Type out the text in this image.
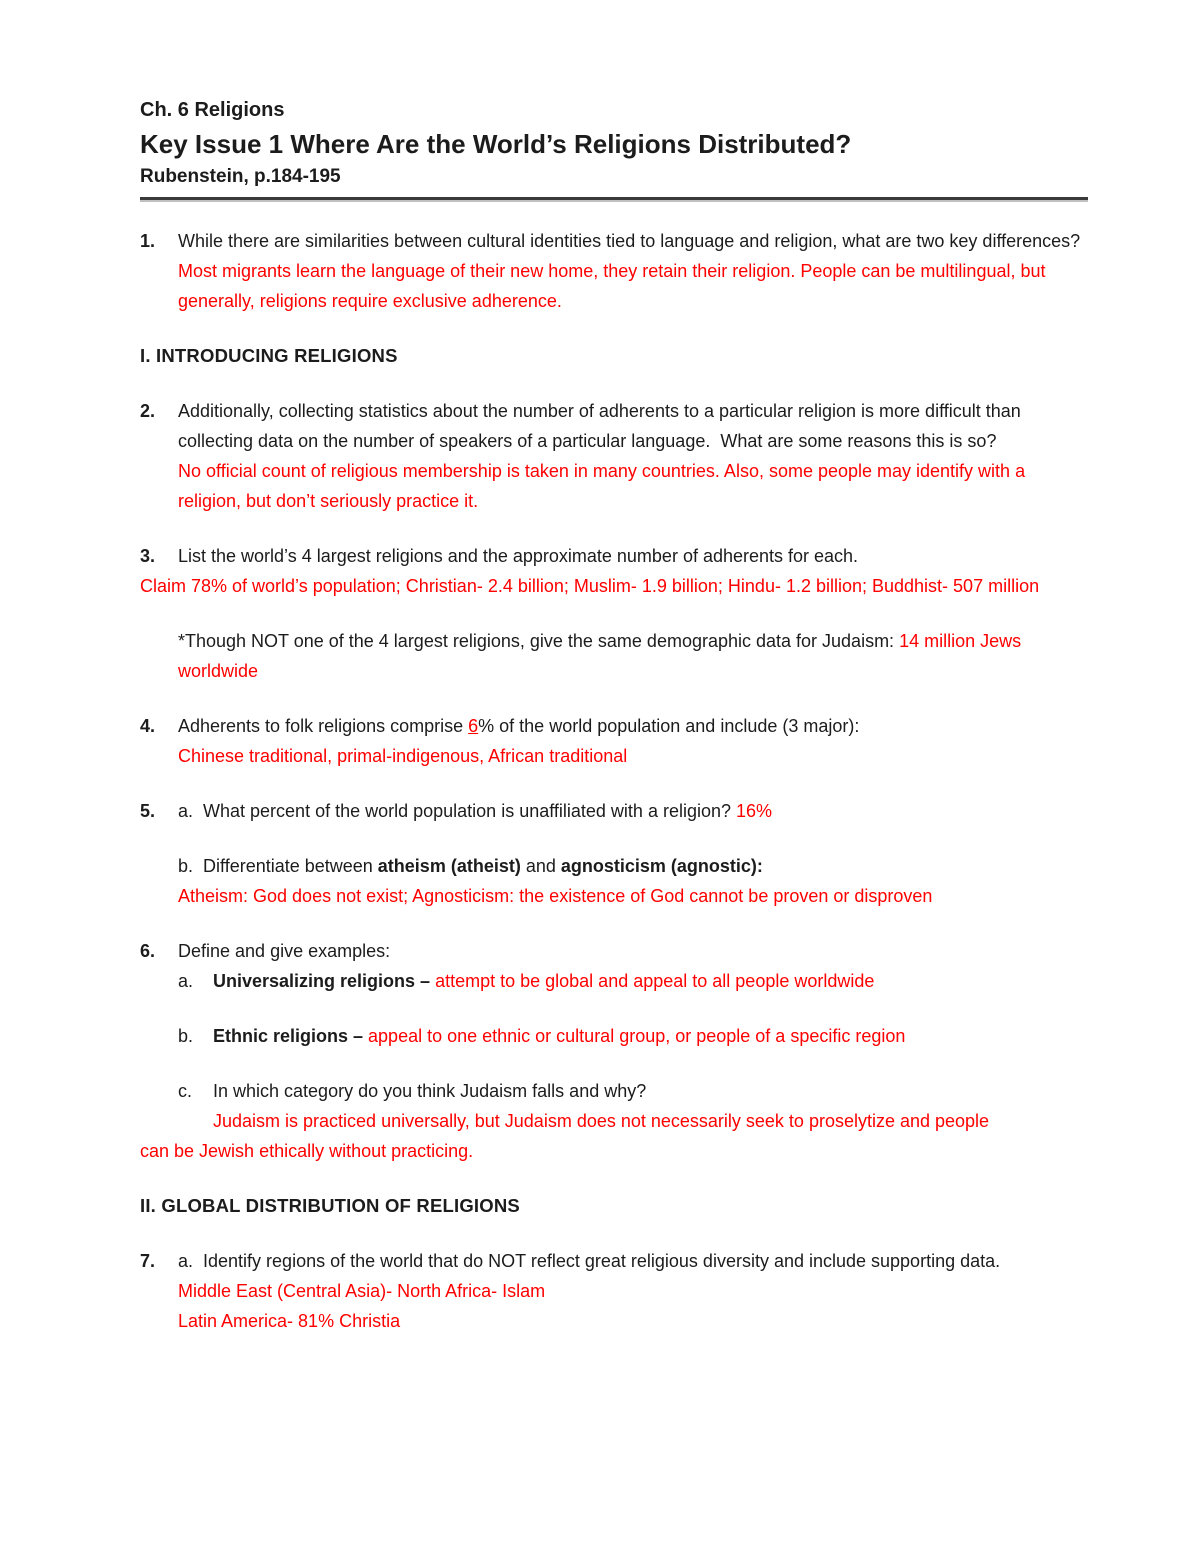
Ch. 6 Religions
Key Issue 1 Where Are the World’s Religions Distributed?
Rubenstein, p.184-195
1.	While there are similarities between cultural identities tied to language and religion, what are two key differences?
Most migrants learn the language of their new home, they retain their religion. People can be multilingual, but generally, religions require exclusive adherence.
I. INTRODUCING RELIGIONS
2.	Additionally, collecting statistics about the number of adherents to a particular religion is more difficult than collecting data on the number of speakers of a particular language.  What are some reasons this is so?
No official count of religious membership is taken in many countries. Also, some people may identify with a religion, but don’t seriously practice it.
3.	List the world’s 4 largest religions and the approximate number of adherents for each.
Claim 78% of world’s population; Christian- 2.4 billion; Muslim- 1.9 billion; Hindu- 1.2 billion; Buddhist- 507 million
*Though NOT one of the 4 largest religions, give the same demographic data for Judaism: 14 million Jews worldwide
4.	Adherents to folk religions comprise 6% of the world population and include (3 major):
Chinese traditional, primal-indigenous, African traditional
5.	a.  What percent of the world population is unaffiliated with a religion? 16%
b.  Differentiate between atheism (atheist) and agnosticism (agnostic):
Atheism: God does not exist; Agnosticism: the existence of God cannot be proven or disproven
6.	Define and give examples:
a.	Universalizing religions – attempt to be global and appeal to all people worldwide
b.	Ethnic religions – appeal to one ethnic or cultural group, or people of a specific region
c.	In which category do you think Judaism falls and why?
Judaism is practiced universally, but Judaism does not necessarily seek to proselytize and people
can be Jewish ethically without practicing.
II. GLOBAL DISTRIBUTION OF RELIGIONS
7.	a.  Identify regions of the world that do NOT reflect great religious diversity and include supporting data.
Middle East (Central Asia)- North Africa- Islam
Latin America- 81% Christia
